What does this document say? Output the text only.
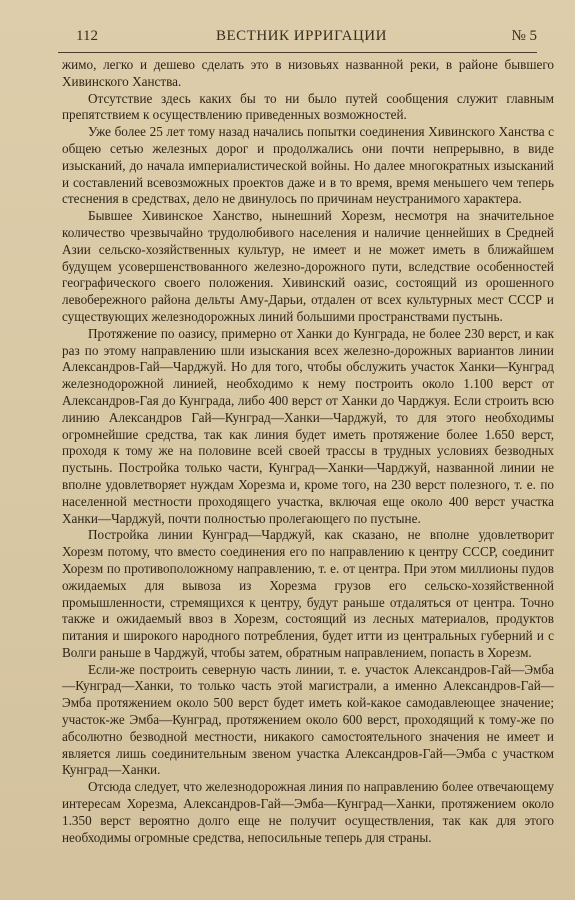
112	ВЕСТНИК ИРРИГАЦИИ	№ 5

жимо, легко и дешево сделать это в низовьях названной реки, в районе бывшего Хивинского Ханства.

Отсутствие здесь каких бы то ни было путей сообщения служит главным препятствием к осуществлению приведенных возможностей.

Уже более 25 лет тому назад начались попытки соединения Хивинского Ханства с общею сетью железных дорог и продолжались они почти непрерывно, в виде изысканий, до начала империалистической войны. Но далее многократных изысканий и составлений всевозможных проектов даже и в то время, время меньшего чем теперь стеснения в средствах, дело не двинулось по причинам неустранимого характера.

Бывшее Хивинское Ханство, нынешний Хорезм, несмотря на значительное количество чрезвычайно трудолюбивого населения и наличие ценнейших в Средней Азии сельско-хозяйственных культур, не имеет и не может иметь в ближайшем будущем усовершенствованного железно-дорожного пути, вследствие особенностей географического своего положения. Хивинский оазис, состоящий из орошенного левобережного района дельты Аму-Дарьи, отдален от всех культурных мест СССР и существующих железнодорожных линий большими пространствами пустынь.

Протяжение по оазису, примерно от Ханки до Кунграда, не более 230 верст, и как раз по этому направлению шли изыскания всех железно-дорожных вариантов линии Александров-Гай—Чарджуй. Но для того, чтобы обслужить участок Ханки—Кунград железнодорожной линией, необходимо к нему построить около 1.100 верст от Александров-Гая до Кунграда, либо 400 верст от Ханки до Чарджуя. Если строить всю линию Александров Гай—Кунград—Ханки—Чарджуй, то для этого необходимы огромнейшие средства, так как линия будет иметь протяжение более 1.650 верст, проходя к тому же на половине всей своей трассы в трудных условиях безводных пустынь. Постройка только части, Кунград—Ханки—Чарджуй, названной линии не вполне удовлетворяет нуждам Хорезма и, кроме того, на 230 верст полезного, т. е. по населенной местности проходящего участка, включая еще около 400 верст участка Ханки—Чарджуй, почти полностью пролегающего по пустыне.

Постройка линии Кунград—Чарджуй, как сказано, не вполне удовлетворит Хорезм потому, что вместо соединения его по направлению к центру СССР, соединит Хорезм по противоположному направлению, т. е. от центра. При этом миллионы пудов ожидаемых для вывоза из Хорезма грузов его сельско-хозяйственной промышленности, стремящихся к центру, будут раньше отдаляться от центра. Точно также и ожидаемый ввоз в Хорезм, состоящий из лесных материалов, продуктов питания и широкого народного потребления, будет итти из центральных губерний и с Волги раньше в Чарджуй, чтобы затем, обратным направлением, попасть в Хорезм.

Если-же построить северную часть линии, т. е. участок Александров-Гай—Эмба—Кунград—Ханки, то только часть этой магистрали, а именно Александров-Гай—Эмба протяжением около 500 верст будет иметь кой-какое самодавлеющее значение; участок-же Эмба—Кунград, протяжением около 600 верст, проходящий к тому-же по абсолютно безводной местности, никакого самостоятельного значения не имеет и является лишь соединительным звеном участка Александров-Гай—Эмба с участком Кунград—Ханки.

Отсюда следует, что железнодорожная линия по направлению более отвечающему интересам Хорезма, Александров-Гай—Эмба—Кунград—Ханки, протяжением около 1.350 верст вероятно долго еще не получит осуществления, так как для этого необходимы огромные средства, непосильные теперь для страны.
